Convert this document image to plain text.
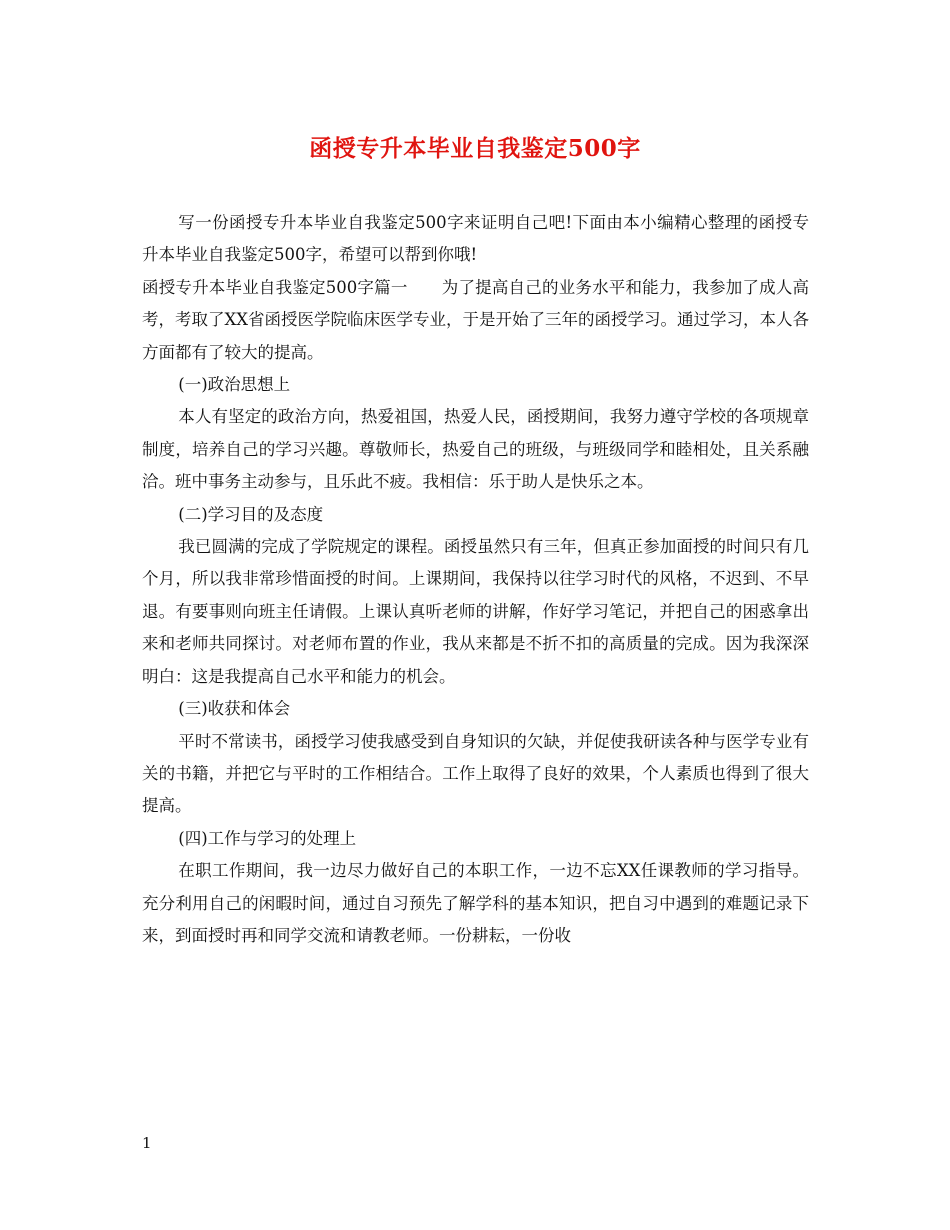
函授专升本毕业自我鉴定500字

写一份函授专升本毕业自我鉴定500字来证明自己吧!下面由本小编精心整理的函授专升本毕业自我鉴定500字，希望可以帮到你哦!

函授专升本毕业自我鉴定500字篇一 为了提高自己的业务水平和能力，我参加了成人高考，考取了XX省函授医学院临床医学专业，于是开始了三年的函授学习。通过学习，本人各方面都有了较大的提高。

(一)政治思想上

本人有坚定的政治方向，热爱祖国，热爱人民，函授期间，我努力遵守学校的各项规章制度，培养自己的学习兴趣。尊敬师长，热爱自己的班级，与班级同学和睦相处，且关系融洽。班中事务主动参与，且乐此不疲。我相信：乐于助人是快乐之本。

(二)学习目的及态度

我已圆满的完成了学院规定的课程。函授虽然只有三年，但真正参加面授的时间只有几个月，所以我非常珍惜面授的时间。上课期间，我保持以往学习时代的风格，不迟到、不早退。有要事则向班主任请假。上课认真听老师的讲解，作好学习笔记，并把自己的困惑拿出来和老师共同探讨。对老师布置的作业，我从来都是不折不扣的高质量的完成。因为我深深明白：这是我提高自己水平和能力的机会。

(三)收获和体会

平时不常读书，函授学习使我感受到自身知识的欠缺，并促使我研读各种与医学专业有关的书籍，并把它与平时的工作相结合。工作上取得了良好的效果，个人素质也得到了很大提高。

(四)工作与学习的处理上

在职工作期间，我一边尽力做好自己的本职工作，一边不忘XX任课教师的学习指导。充分利用自己的闲暇时间，通过自习预先了解学科的基本知识，把自习中遇到的难题记录下来，到面授时再和同学交流和请教老师。一份耕耘，一份收

1
